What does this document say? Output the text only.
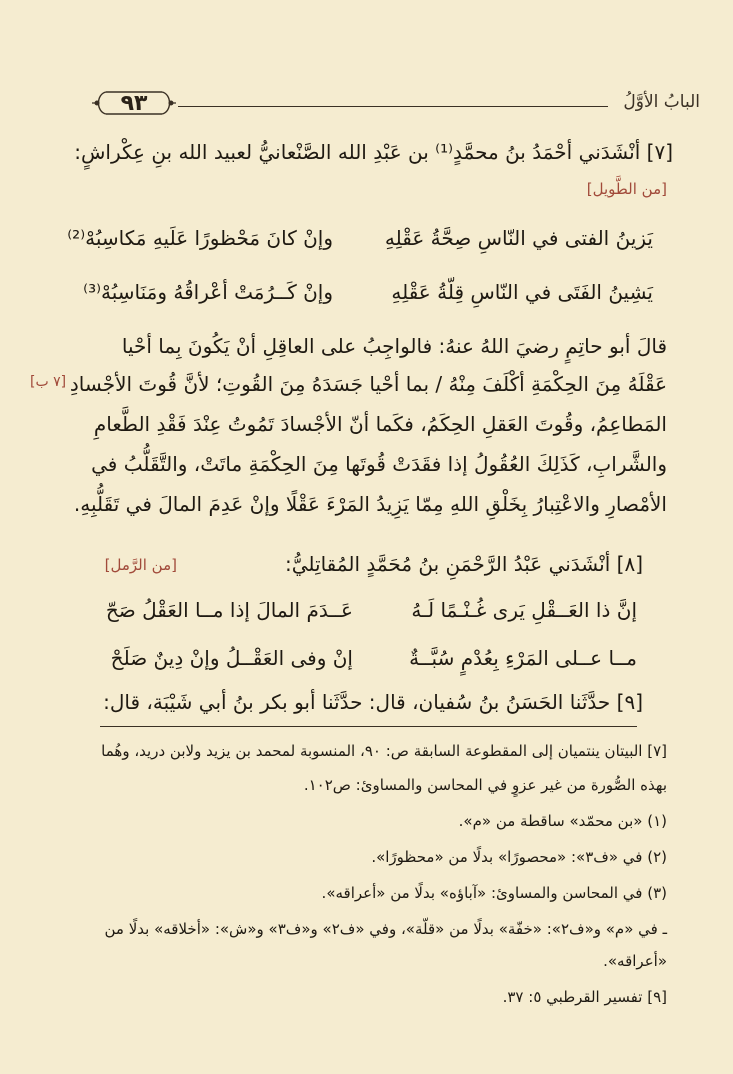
٩٣	البابُ الأوَّلُ
[٧] أنْشَدَني أحْمَدُ بنُ محمَّدٍ⁽¹⁾ بن عَبْدِ الله الصَّنْعانيُّ لعبيد الله بنِ عِكْراشٍ:
[من الطَّويل]
يَزينُ الفتى في النّاسِ صِحَّةُ عَقْلِهِ
وإنْ كانَ مَحْظورًا عَلَيهِ مَكاسِبُهْ⁽²⁾
يَشِينُ الفَتَى في النّاسِ قِلّةُ عَقْلِهِ
وإنْ كَــرُمَتْ أعْراقُهُ ومَنَاسِبُهْ⁽³⁾
قالَ أبو حاتِمٍ رضيَ اللهُ عنهُ: فالواجِبُ على العاقِلِ أنْ يَكُونَ بِما أحْيا
عَقْلَهُ مِنَ الحِكْمَةِ أكْلَفَ مِنْهُ / بما أحْيا جَسَدَهُ مِنَ القُوتِ؛ لأنَّ قُوتَ الأجْسادِ
[٧ ب]
المَطاعِمُ، وقُوتَ العَقلِ الحِكَمُ، فكَما أنّ الأجْسادَ تَمُوتُ عِنْدَ فَقْدِ الطَّعامِ
والشَّرابِ، كَذَلِكَ العُقُولُ إذا فقَدَتْ قُوتَها مِنَ الحِكْمَةِ ماتَتْ، والتَّقَلُّبُ في
الأمْصارِ والاعْتِبارُ بِخَلْقِ اللهِ مِمّا يَزِيدُ المَرْءَ عَقْلًا وإنْ عَدِمَ المالَ في تَقَلُّبِهِ.
[٨] أنْشَدَني عَبْدُ الرَّحْمَنِ بنُ مُحَمَّدٍ المُقاتِليُّ:
[من الرَّمل]
إنَّ ذا العَــقْلِ يَرى غُـنْـمًا لَـهُ
عَــدَمَ المالَ إذا مــا العَقْلُ صَحّ
مــا عــلى المَرْءِ بِعُدْمٍ سُبَّــةٌ
إنْ وفى العَقْــلُ وإنْ دِينٌ صَلَحْ
[٩] حدَّثَنا الحَسَنُ بنُ سُفيان، قال: حدَّثَنا أبو بكر بنُ أبي شَيْبَة، قال:
[٧] البيتان ينتميان إلى المقطوعة السابقة ص: ٩٠، المنسوبة لمحمد بن يزيد ولابن دريد، وهُما
بهذه الصُّورة من غير عزوٍ في المحاسن والمساوئ: ص١٠٢.
(١) «بن محمّد» ساقطة من «م».
(٢) في «ف٣»: «محصورًا» بدلًا من «محظورًا».
(٣) في المحاسن والمساوئ: «آباؤه» بدلًا من «أعراقه».
ـ في «م» و«ف٢»: «خفّة» بدلًا من «قلّة»، وفي «ف٢» و«ف٣» و«ش»: «أخلاقه» بدلًا من
«أعراقه».
[٩] تفسير القرطبي ٥: ٣٧.
